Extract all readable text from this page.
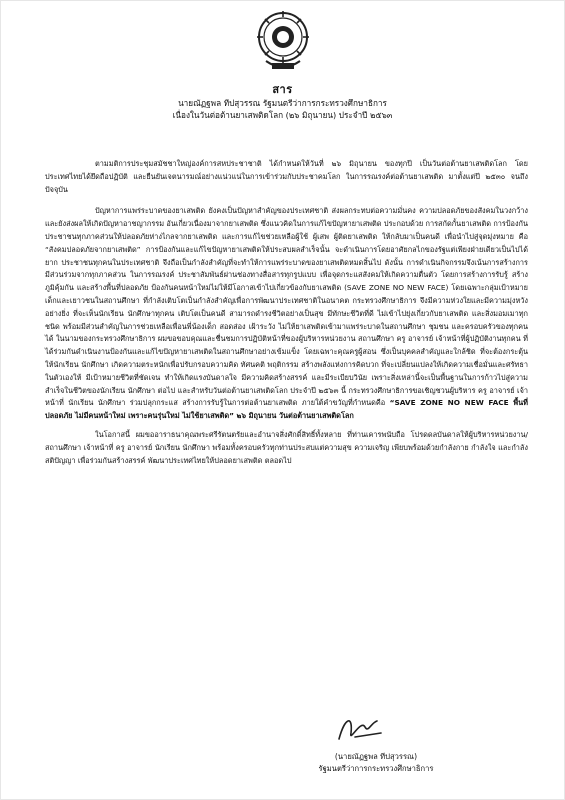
สาร
นายณัฏฐพล ทีปสุวรรณ รัฐมนตรีว่าการกระทรวงศึกษาธิการ
เนื่องในวันต่อต้านยาเสพติดโลก (๒๖ มิถุนายน) ประจำปี ๒๕๖๓

ตามมติการประชุมสมัชชาใหญ่องค์การสหประชาชาติ ได้กำหนดให้วันที่ ๒๖ มิถุนายน ของทุกปี เป็นวันต่อต้านยาเสพติดโลก โดยประเทศไทยได้ยึดถือปฏิบัติ และยืนยันเจตนารมณ์อย่างแน่วแน่ในการเข้าร่วมกับประชาคมโลก ในการรณรงค์ต่อต้านยาเสพติด มาตั้งแต่ปี ๒๕๓๐ จนถึงปัจจุบัน

ปัญหาการแพร่ระบาดของยาเสพติด ยังคงเป็นปัญหาสำคัญของประเทศชาติ ส่งผลกระทบต่อความมั่นคง ความปลอดภัยของสังคมในวงกว้าง และยังส่งผลให้เกิดปัญหาอาชญากรรม อันเกี่ยวเนื่องมาจากยาเสพติด ซึ่งแนวคิดในการแก้ไขปัญหายาเสพติด ประกอบด้วย การสกัดกั้นยาเสพติด การป้องกันประชาชนทุกภาคส่วนให้ปลอดภัยห่างไกลจากยาเสพติด และการแก้ไขช่วยเหลือผู้ใช้ ผู้เสพ ผู้ติดยาเสพติด ให้กลับมาเป็นคนดี เพื่อนำไปสู่จุดมุ่งหมาย คือ “สังคมปลอดภัยจากยาเสพติด” การป้องกันและแก้ไขปัญหายาเสพติดให้ประสบผลสำเร็จนั้น จะดำเนินการโดยอาศัยกลไกของรัฐแต่เพียงฝ่ายเดียวเป็นไปได้ยาก ประชาชนทุกคนในประเทศชาติ จึงถือเป็นกำลังสำคัญที่จะทำให้การแพร่ระบาดของยาเสพติดหมดสิ้นไป ดังนั้น การดำเนินกิจกรรมจึงเน้นการสร้างการมีส่วนร่วมจากทุกภาคส่วน ในการรณรงค์ ประชาสัมพันธ์ผ่านช่องทางสื่อสารทุกรูปแบบ เพื่อจุดกระแสสังคมให้เกิดความตื่นตัว โดยการสร้างการรับรู้ สร้างภูมิคุ้มกัน และสร้างพื้นที่ปลอดภัย ป้องกันคนหน้าใหม่ไม่ให้มีโอกาสเข้าไปเกี่ยวข้องกับยาเสพติด (SAVE ZONE NO NEW FACE) โดยเฉพาะกลุ่มเป้าหมายเด็กและเยาวชนในสถานศึกษา ที่กำลังเติบโตเป็นกำลังสำคัญเพื่อการพัฒนาประเทศชาติในอนาคต กระทรวงศึกษาธิการ จึงมีความห่วงใยและมีความมุ่งหวังอย่างยิ่ง ที่จะเห็นนักเรียน นักศึกษาทุกคน เติบโตเป็นคนดี สามารถดำรงชีวิตอย่างเป็นสุข มีทักษะชีวิตที่ดี ไม่เข้าไปยุ่งเกี่ยวกับยาเสพติด และสิ่งมอมเมาทุกชนิด พร้อมมีส่วนสำคัญในการช่วยเหลือเพื่อนพี่น้องเด็ก สอดส่อง เฝ้าระวัง ไม่ให้ยาเสพติดเข้ามาแพร่ระบาดในสถานศึกษา ชุมชน และครอบครัวของทุกคนได้ ในนามของกระทรวงศึกษาธิการ ผมขอขอบคุณและชื่นชมการปฏิบัติหน้าที่ของผู้บริหารหน่วยงาน สถานศึกษา ครู อาจารย์ เจ้าหน้าที่ผู้ปฏิบัติงานทุกคน ที่ได้ร่วมกันดำเนินงานป้องกันและแก้ไขปัญหายาเสพติดในสถานศึกษาอย่างเข้มแข็ง โดยเฉพาะคุณครูผู้สอน ซึ่งเป็นบุคคลสำคัญและใกล้ชิด ที่จะต้องกระตุ้นให้นักเรียน นักศึกษา เกิดความตระหนักเพื่อปรับกรอบความคิด ทัศนคติ พฤติกรรม สร้างพลังแห่งการคิดบวก ที่จะเปลี่ยนแปลงให้เกิดความเชื่อมั่นและศรัทธาในตัวเองให้ มีเป้าหมายชีวิตที่ชัดเจน ทำให้เกิดแรงบันดาลใจ มีความคิดสร้างสรรค์ และมีระเบียบวินัย เพราะสิ่งเหล่านี้จะเป็นพื้นฐานในการก้าวไปสู่ความสำเร็จในชีวิตของนักเรียน นักศึกษา ต่อไป และสำหรับวันต่อต้านยาเสพติดโลก ประจำปี ๒๕๖๓ นี้ กระทรวงศึกษาธิการขอเชิญชวนผู้บริหาร ครู อาจารย์ เจ้าหน้าที่ นักเรียน นักศึกษา ร่วมปลุกกระแส สร้างการรับรู้ในการต่อต้านยาเสพติด ภายใต้คำขวัญที่กำหนดคือ “SAVE ZONE NO NEW FACE พื้นที่ปลอดภัย ไม่มีคนหน้าใหม่ เพราะคนรุ่นใหม่ ไม่ใช้ยาเสพติด” ๒๖ มิถุนายน วันต่อต้านยาเสพติดโลก

ในโอกาสนี้ ผมขออาราธนาคุณพระศรีรัตนตรัยและอำนาจสิ่งศักดิ์สิทธิ์ทั้งหลาย ที่ท่านเคารพนับถือ โปรดดลบันดาลให้ผู้บริหารหน่วยงาน/สถานศึกษา เจ้าหน้าที่ ครู อาจารย์ นักเรียน นักศึกษา พร้อมทั้งครอบครัวทุกท่านประสบแต่ความสุข ความเจริญ เพียบพร้อมด้วยกำลังกาย กำลังใจ และกำลังสติปัญญา เพื่อร่วมกันสร้างสรรค์ พัฒนาประเทศไทยให้ปลอดยาเสพติด ตลอดไป

(นายณัฏฐพล ทีปสุวรรณ)
รัฐมนตรีว่าการกระทรวงศึกษาธิการ
